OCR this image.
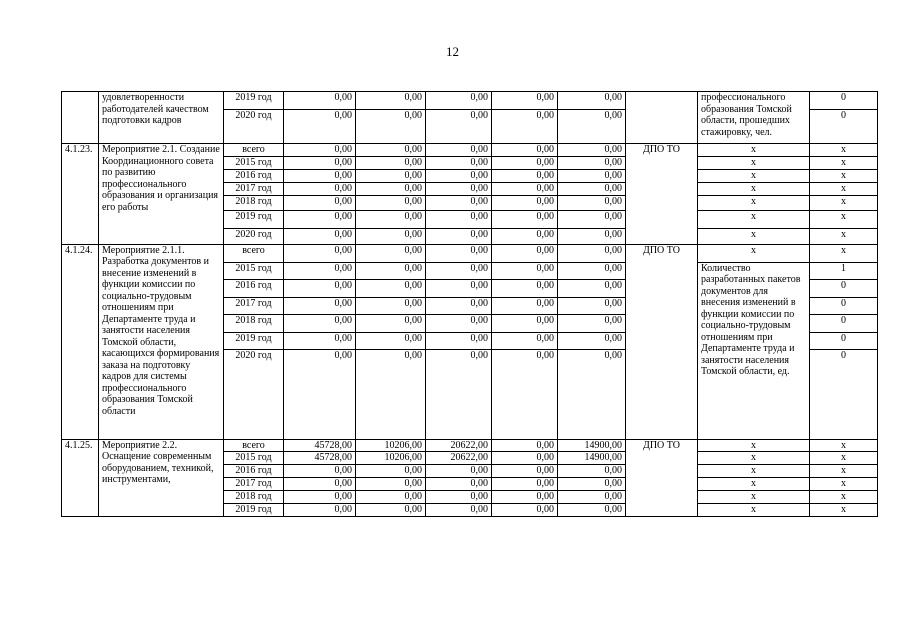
12
	удовлетворенности работодателей качеством подготовки кадров	2019 год	0,00	0,00	0,00	0,00	0,00		профессионального образования Томской области, прошедших стажировку, чел.	0
		2020 год	0,00	0,00	0,00	0,00	0,00			0
4.1.23.	Мероприятие 2.1. Создание Координационного совета по развитию профессионального образования и организация его работы	всего	0,00	0,00	0,00	0,00	0,00	ДПО ТО	x	x
		2015 год	0,00	0,00	0,00	0,00	0,00		x	x
		2016 год	0,00	0,00	0,00	0,00	0,00		x	x
		2017 год	0,00	0,00	0,00	0,00	0,00		x	x
		2018 год	0,00	0,00	0,00	0,00	0,00		x	x
		2019 год	0,00	0,00	0,00	0,00	0,00		x	x
		2020 год	0,00	0,00	0,00	0,00	0,00		x	x
4.1.24.	Мероприятие 2.1.1. Разработка документов и внесение изменений в функции комиссии по социально-трудовым отношениям при Департаменте труда и занятости населения Томской области, касающихся формирования заказа на подготовку кадров для системы профессионального образования Томской области	всего	0,00	0,00	0,00	0,00	0,00	ДПО ТО	x	x
		2015 год	0,00	0,00	0,00	0,00	0,00		Количество разработанных пакетов документов для внесения изменений в функции комиссии по социально-трудовым отношениям при Департаменте труда и занятости населения Томской области, ед.	1
		2016 год	0,00	0,00	0,00	0,00	0,00			0
		2017 год	0,00	0,00	0,00	0,00	0,00			0
		2018 год	0,00	0,00	0,00	0,00	0,00			0
		2019 год	0,00	0,00	0,00	0,00	0,00			0
		2020 год	0,00	0,00	0,00	0,00	0,00			0
4.1.25.	Мероприятие 2.2. Оснащение современным оборудованием, техникой, инструментами,	всего	45728,00	10206,00	20622,00	0,00	14900,00	ДПО ТО	x	x
		2015 год	45728,00	10206,00	20622,00	0,00	14900,00		x	x
		2016 год	0,00	0,00	0,00	0,00	0,00		x	x
		2017 год	0,00	0,00	0,00	0,00	0,00		x	x
		2018 год	0,00	0,00	0,00	0,00	0,00		x	x
		2019 год	0,00	0,00	0,00	0,00	0,00		x	x
